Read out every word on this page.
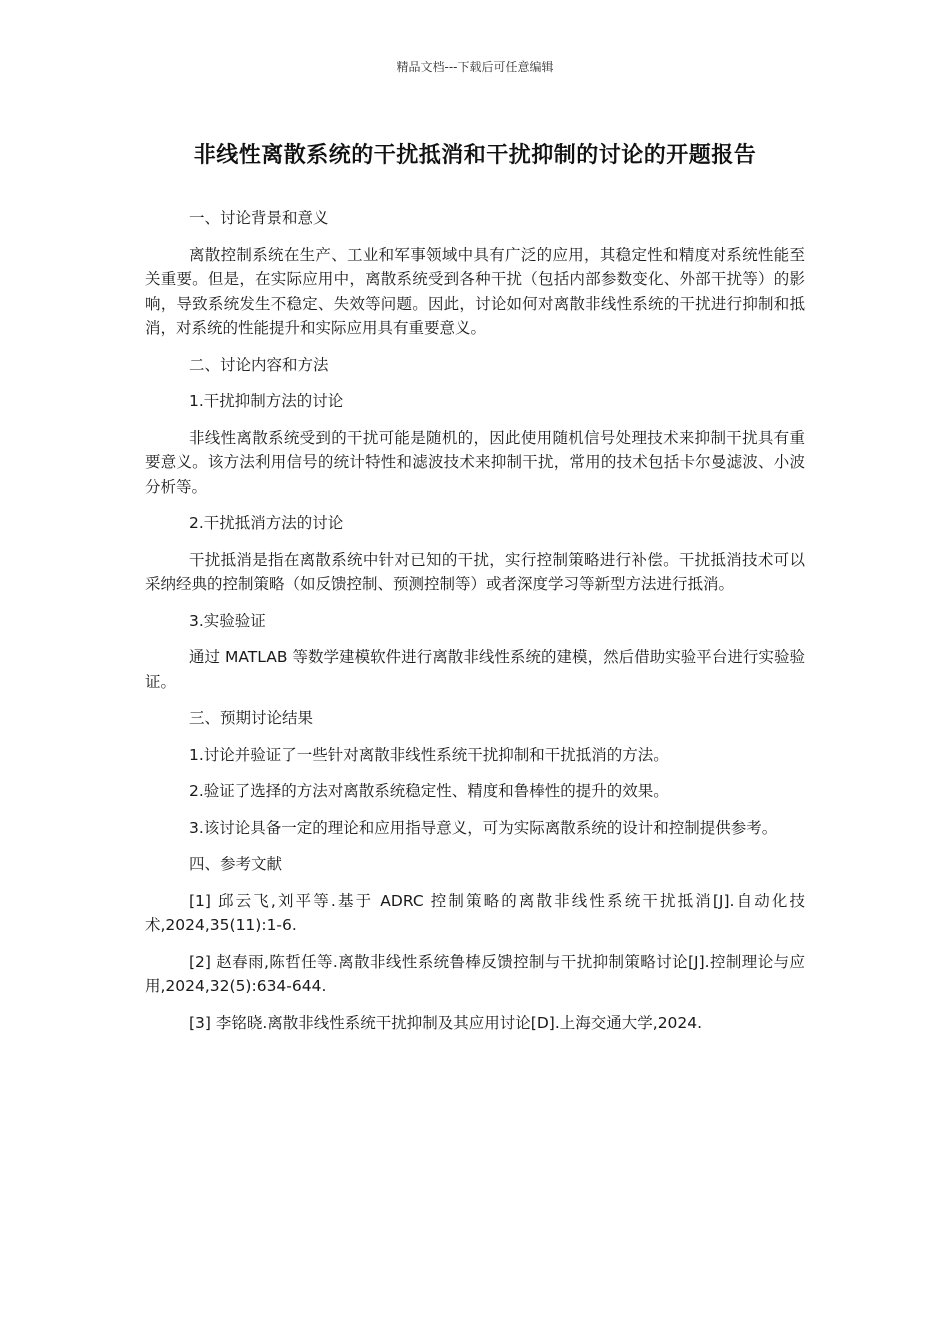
精品文档---下载后可任意编辑
非线性离散系统的干扰抵消和干扰抑制的讨论的开题报告

一、讨论背景和意义

离散控制系统在生产、工业和军事领域中具有广泛的应用，其稳定性和精度对系统性能至关重要。但是，在实际应用中，离散系统受到各种干扰（包括内部参数变化、外部干扰等）的影响，导致系统发生不稳定、失效等问题。因此，讨论如何对离散非线性系统的干扰进行抑制和抵消，对系统的性能提升和实际应用具有重要意义。

二、讨论内容和方法

1.干扰抑制方法的讨论

非线性离散系统受到的干扰可能是随机的，因此使用随机信号处理技术来抑制干扰具有重要意义。该方法利用信号的统计特性和滤波技术来抑制干扰，常用的技术包括卡尔曼滤波、小波分析等。

2.干扰抵消方法的讨论

干扰抵消是指在离散系统中针对已知的干扰，实行控制策略进行补偿。干扰抵消技术可以采纳经典的控制策略（如反馈控制、预测控制等）或者深度学习等新型方法进行抵消。

3.实验验证

通过 MATLAB 等数学建模软件进行离散非线性系统的建模，然后借助实验平台进行实验验证。

三、预期讨论结果

1.讨论并验证了一些针对离散非线性系统干扰抑制和干扰抵消的方法。

2.验证了选择的方法对离散系统稳定性、精度和鲁棒性的提升的效果。

3.该讨论具备一定的理论和应用指导意义，可为实际离散系统的设计和控制提供参考。

四、参考文献

[1] 邱云飞,刘平等.基于 ADRC 控制策略的离散非线性系统干扰抵消[J].自动化技术,2024,35(11):1-6.

[2] 赵春雨,陈哲任等.离散非线性系统鲁棒反馈控制与干扰抑制策略讨论[J].控制理论与应用,2024,32(5):634-644.

[3] 李铭晓.离散非线性系统干扰抑制及其应用讨论[D].上海交通大学,2024.
